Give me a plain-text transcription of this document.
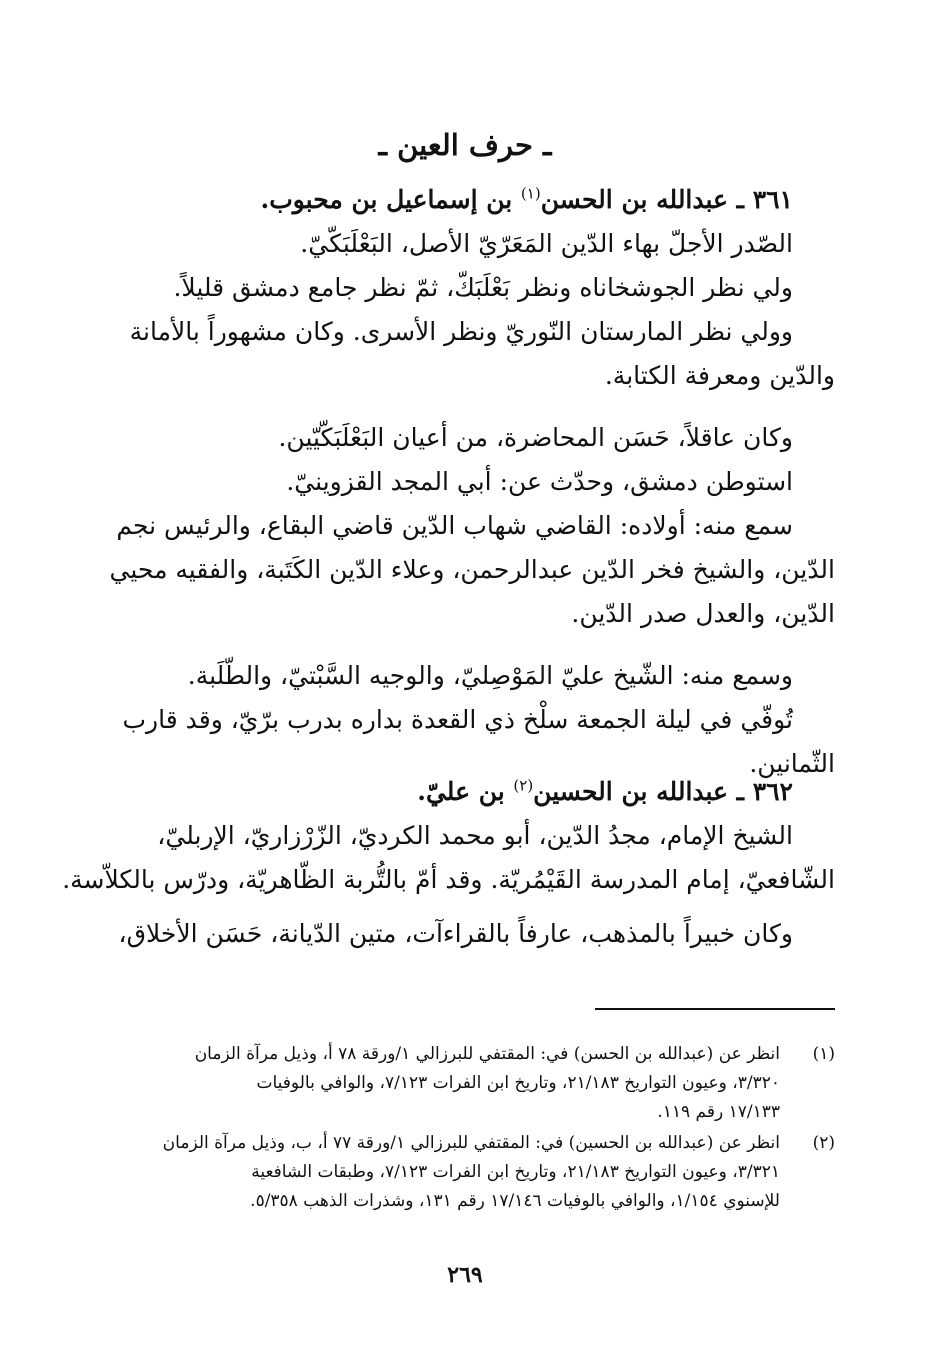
ـ حرف العين ـ
٣٦١ ـ عبدالله بن الحسن$^{(١)}$ بن إسماعيل بن محبوب.
الصّدر الأجلّ بهاء الدّين المَعَرّيّ الأصل، البَعْلَبَكّيّ.
ولي نظر الجوشخاناه ونظر بَعْلَبَكّ، ثمّ نظر جامع دمشق قليلاً.
وولي نظر المارستان النّوريّ ونظر الأسرى. وكان مشهوراً بالأمانة
والدّين ومعرفة الكتابة.
وكان عاقلاً، حَسَن المحاضرة، من أعيان البَعْلَبَكّيّين.
استوطن دمشق، وحدّث عن: أبي المجد القزوينيّ.
سمع منه: أولاده: القاضي شهاب الدّين قاضي البقاع، والرئيس نجم
الدّين، والشيخ فخر الدّين عبدالرحمن، وعلاء الدّين الكَتَبة، والفقيه محيي
الدّين، والعدل صدر الدّين.
وسمع منه: الشّيخ عليّ المَوْصِليّ، والوجيه السَّبْتيّ، والطّلَبة.
تُوفّي في ليلة الجمعة سلْخ ذي القعدة بداره بدرب برّيّ، وقد قارب
الثّمانين.
٣٦٢ ـ عبدالله بن الحسين$^{(٢)}$ بن عليّ.
الشيخ الإمام، مجدُ الدّين، أبو محمد الكرديّ، الزّرْزاريّ، الإربليّ،
الشّافعيّ، إمام المدرسة القَيْمُريّة. وقد أمّ بالتُّربة الظّاهريّة، ودرّس بالكلاّسة.
وكان خبيراً بالمذهب، عارفاً بالقراءآت، متين الدّيانة، حَسَن الأخلاق،
(١)
انظر عن (عبدالله بن الحسن) في: المقتفي للبرزالي ١/ورقة ٧٨ أ، وذيل مرآة الزمان
٣/٣٢٠، وعيون التواريخ ٢١/١٨٣، وتاريخ ابن الفرات ٧/١٢٣، والوافي بالوفيات
١٧/١٣٣ رقم ١١٩.
(٢)
انظر عن (عبدالله بن الحسين) في: المقتفي للبرزالي ١/ورقة ٧٧ أ، ب، وذيل مرآة الزمان
٣/٣٢١، وعيون التواريخ ٢١/١٨٣، وتاريخ ابن الفرات ٧/١٢٣، وطبقات الشافعية
للإسنوي ١/١٥٤، والوافي بالوفيات ١٧/١٤٦ رقم ١٣١، وشذرات الذهب ٥/٣٥٨.
٢٦٩
